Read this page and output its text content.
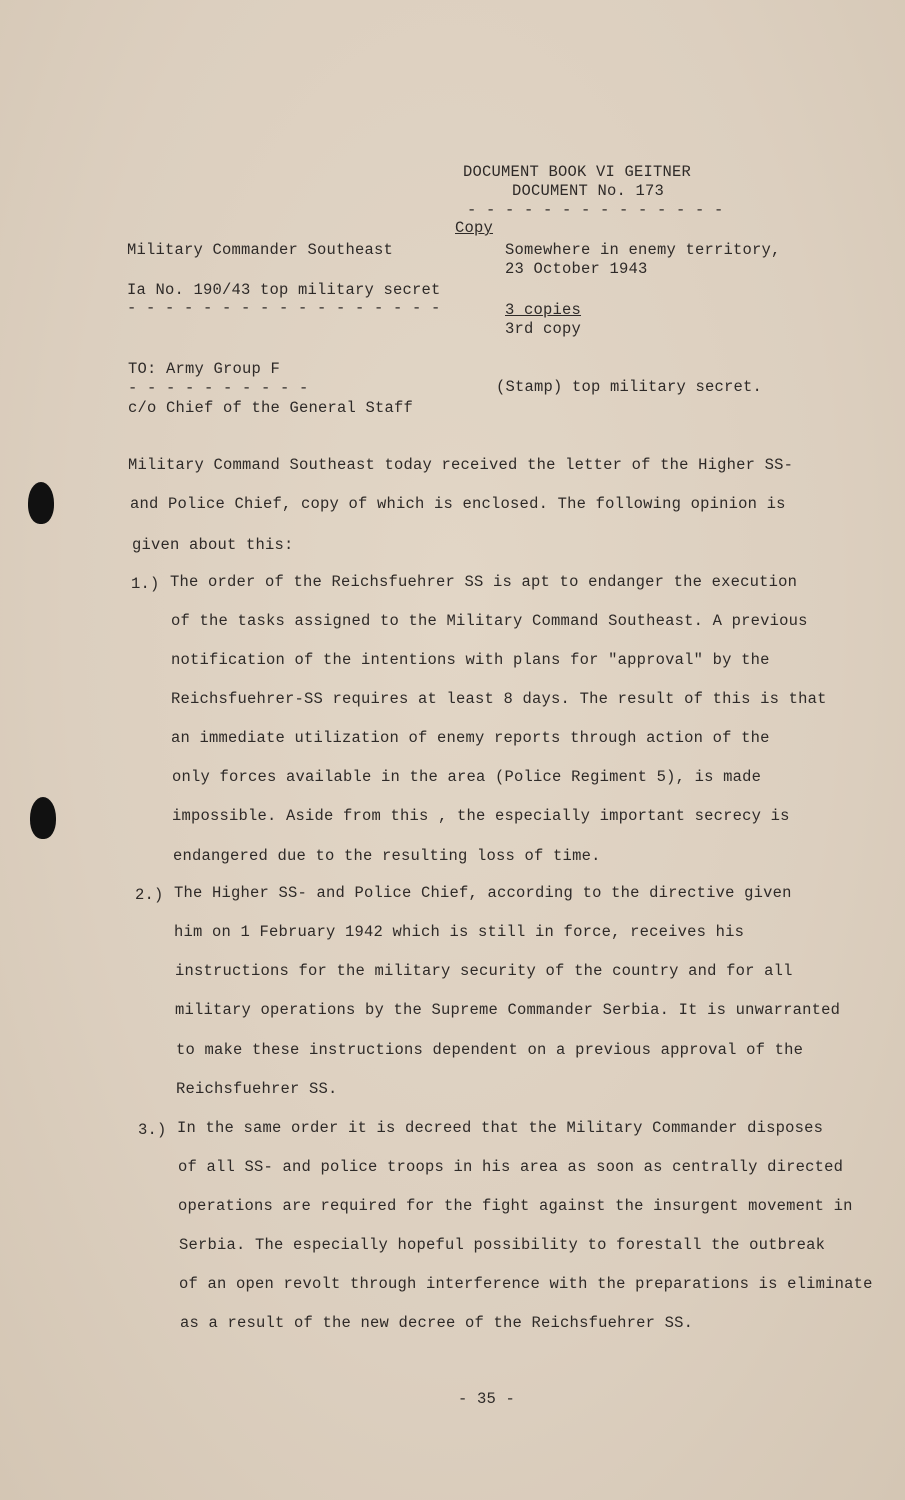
DOCUMENT BOOK VI GEITNER
DOCUMENT No. 173
- - - - - - - - - - - - - -
Copy
Military Commander Southeast
Ia No. 190/43 top military secret
- - - - - - - - - - - - - - - - -
Somewhere in enemy territory,
23 October 1943
3 copies
3rd copy
TO: Army Group F
- - - - - - - - - -
c/o Chief of the General Staff
(Stamp) top military secret.
Military Command Southeast today received the letter of the Higher SS-
and Police Chief, copy of which is enclosed. The following opinion is
given about this:
1.) The order of the Reichsfuehrer SS is apt to endanger the execution
of the tasks assigned to the Military Command Southeast. A previous
notification of the intentions with plans for "approval" by the
Reichsfuehrer-SS requires at least 8 days. The result of this is that
an immediate utilization of enemy reports through action of the
only forces available in the area (Police Regiment 5), is made
impossible. Aside from this , the especially important secrecy is
endangered due to the resulting loss of time.
2.) The Higher SS- and Police Chief, according to the directive given
him on 1 February 1942 which is still in force, receives his
instructions for the military security of the country and for all
military operations by the Supreme Commander Serbia. It is unwarranted
to make these instructions dependent on a previous approval of the
Reichsfuehrer SS.
3.) In the same order it is decreed that the Military Commander disposes
of all SS- and police troops in his area as soon as centrally directed
operations are required for the fight against the insurgent movement in
Serbia. The especially hopeful possibility to forestall the outbreak
of an open revolt through interference with the preparations is eliminate
as a result of the new decree of the Reichsfuehrer SS.
- 35 -
